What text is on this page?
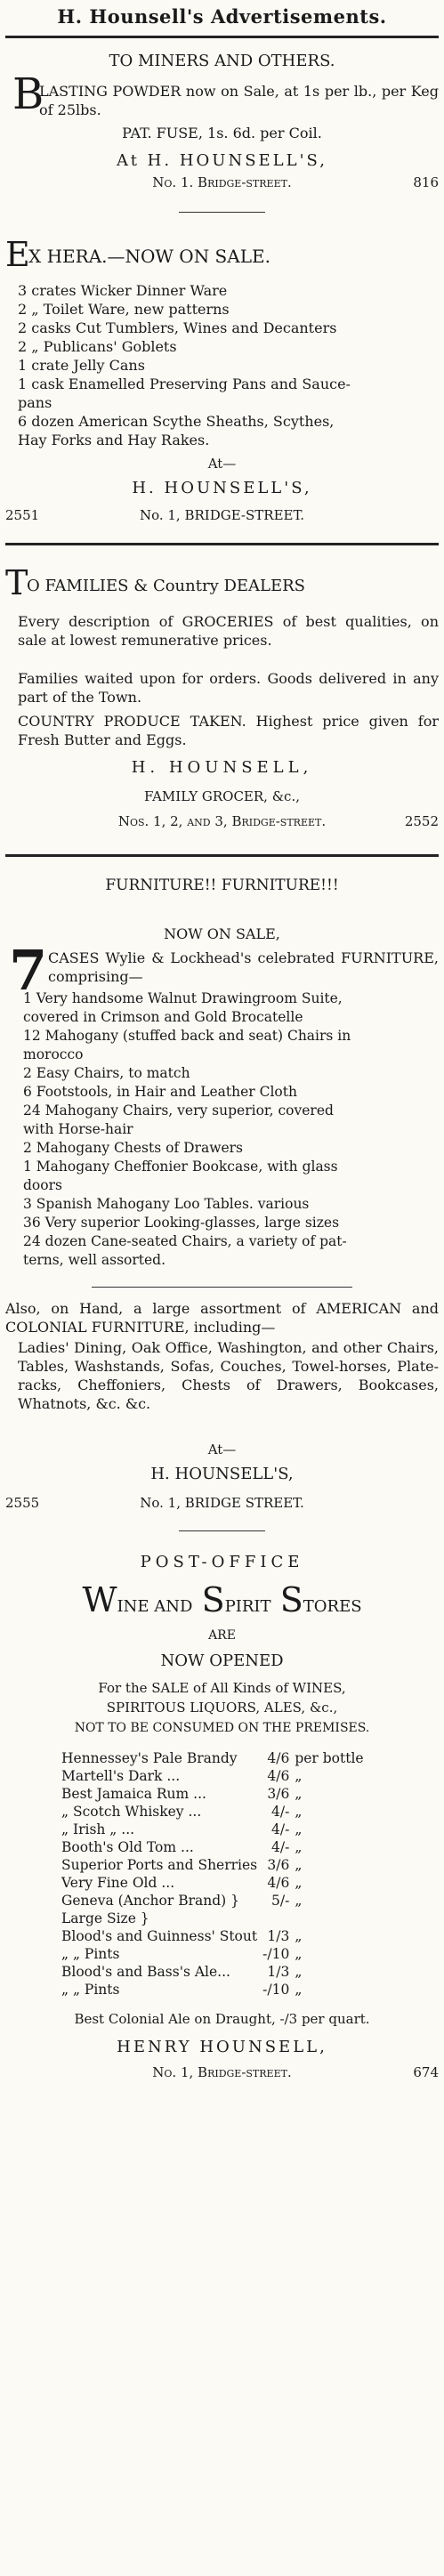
H. Hounsell's Advertisements.
TO MINERS AND OTHERS.
B
LASTING POWDER now on Sale, at 1s per lb., per Keg of 25lbs.
PAT. FUSE, 1s. 6d. per Coil.
At H. HOUNSELL'S,
No. 1. Bridge-street.	816
E
X HERA.—NOW ON SALE.
3 crates Wicker Dinner Ware
2 „ Toilet Ware, new patterns
2 casks Cut Tumblers, Wines and Decanters
2 „ Publicans' Goblets
1 crate Jelly Cans
1 cask Enamelled Preserving Pans and Sauce-
pans
6 dozen American Scythe Sheaths, Scythes,
Hay Forks and Hay Rakes.
At—
H. HOUNSELL'S,
2551	No. 1, BRIDGE-STREET.
T
O FAMILIES & Country DEALERS
Every description of GROCERIES of best qualities, on sale at lowest remunerative prices.
Families waited upon for orders. Goods delivered in any part of the Town.
COUNTRY PRODUCE TAKEN. Highest price given for Fresh Butter and Eggs.
H. HOUNSELL,
FAMILY GROCER, &c.,
Nos. 1, 2, and 3, Bridge-street.	2552
FURNITURE!! FURNITURE!!!
NOW ON SALE,
7 CASES Wylie & Lockhead's celebrated FURNITURE, comprising—
1 Very handsome Walnut Drawingroom Suite,
covered in Crimson and Gold Brocatelle
12 Mahogany (stuffed back and seat) Chairs in
morocco
2 Easy Chairs, to match
6 Footstools, in Hair and Leather Cloth
24 Mahogany Chairs, very superior, covered
with Horse-hair
2 Mahogany Chests of Drawers
1 Mahogany Cheffonier Bookcase, with glass
doors
3 Spanish Mahogany Loo Tables. various
36 Very superior Looking-glasses, large sizes
24 dozen Cane-seated Chairs, a variety of pat-
terns, well assorted.
Also, on Hand, a large assortment of AMERICAN and COLONIAL FURNITURE, including—
Ladies' Dining, Oak Office, Washington, and other Chairs, Tables, Washstands, Sofas, Couches, Towel-horses, Plate-racks, Cheffoniers, Chests of Drawers, Bookcases, Whatnots, &c. &c.
At—
H. HOUNSELL'S,
2555	No. 1, BRIDGE STREET.
POST-OFFICE
WINE AND SPIRIT STORES
ARE
NOW OPENED
For the SALE of All Kinds of WINES,
SPIRITOUS LIQUORS, ALES, &c.,
NOT TO BE CONSUMED ON THE PREMISES.
Hennessey's Pale Brandy	4/6	per bottle
Martell's Dark ...	4/6	„
Best Jamaica Rum ...	3/6	„
„ Scotch Whiskey ...	4/-	„
„ Irish „ ...	4/-	„
Booth's Old Tom ...	4/-	„
Superior Ports and Sherries	3/6	„
Very Fine Old ...	4/6	„
Geneva (Anchor Brand) }	5/-	„
Large Size }		
Blood's and Guinness' Stout	1/3	„
„ „ Pints	-/10	„
Blood's and Bass's Ale...	1/3	„
„ „ Pints	-/10	„
Best Colonial Ale on Draught, -/3 per quart.
HENRY HOUNSELL,
No. 1, Bridge-street.	674
